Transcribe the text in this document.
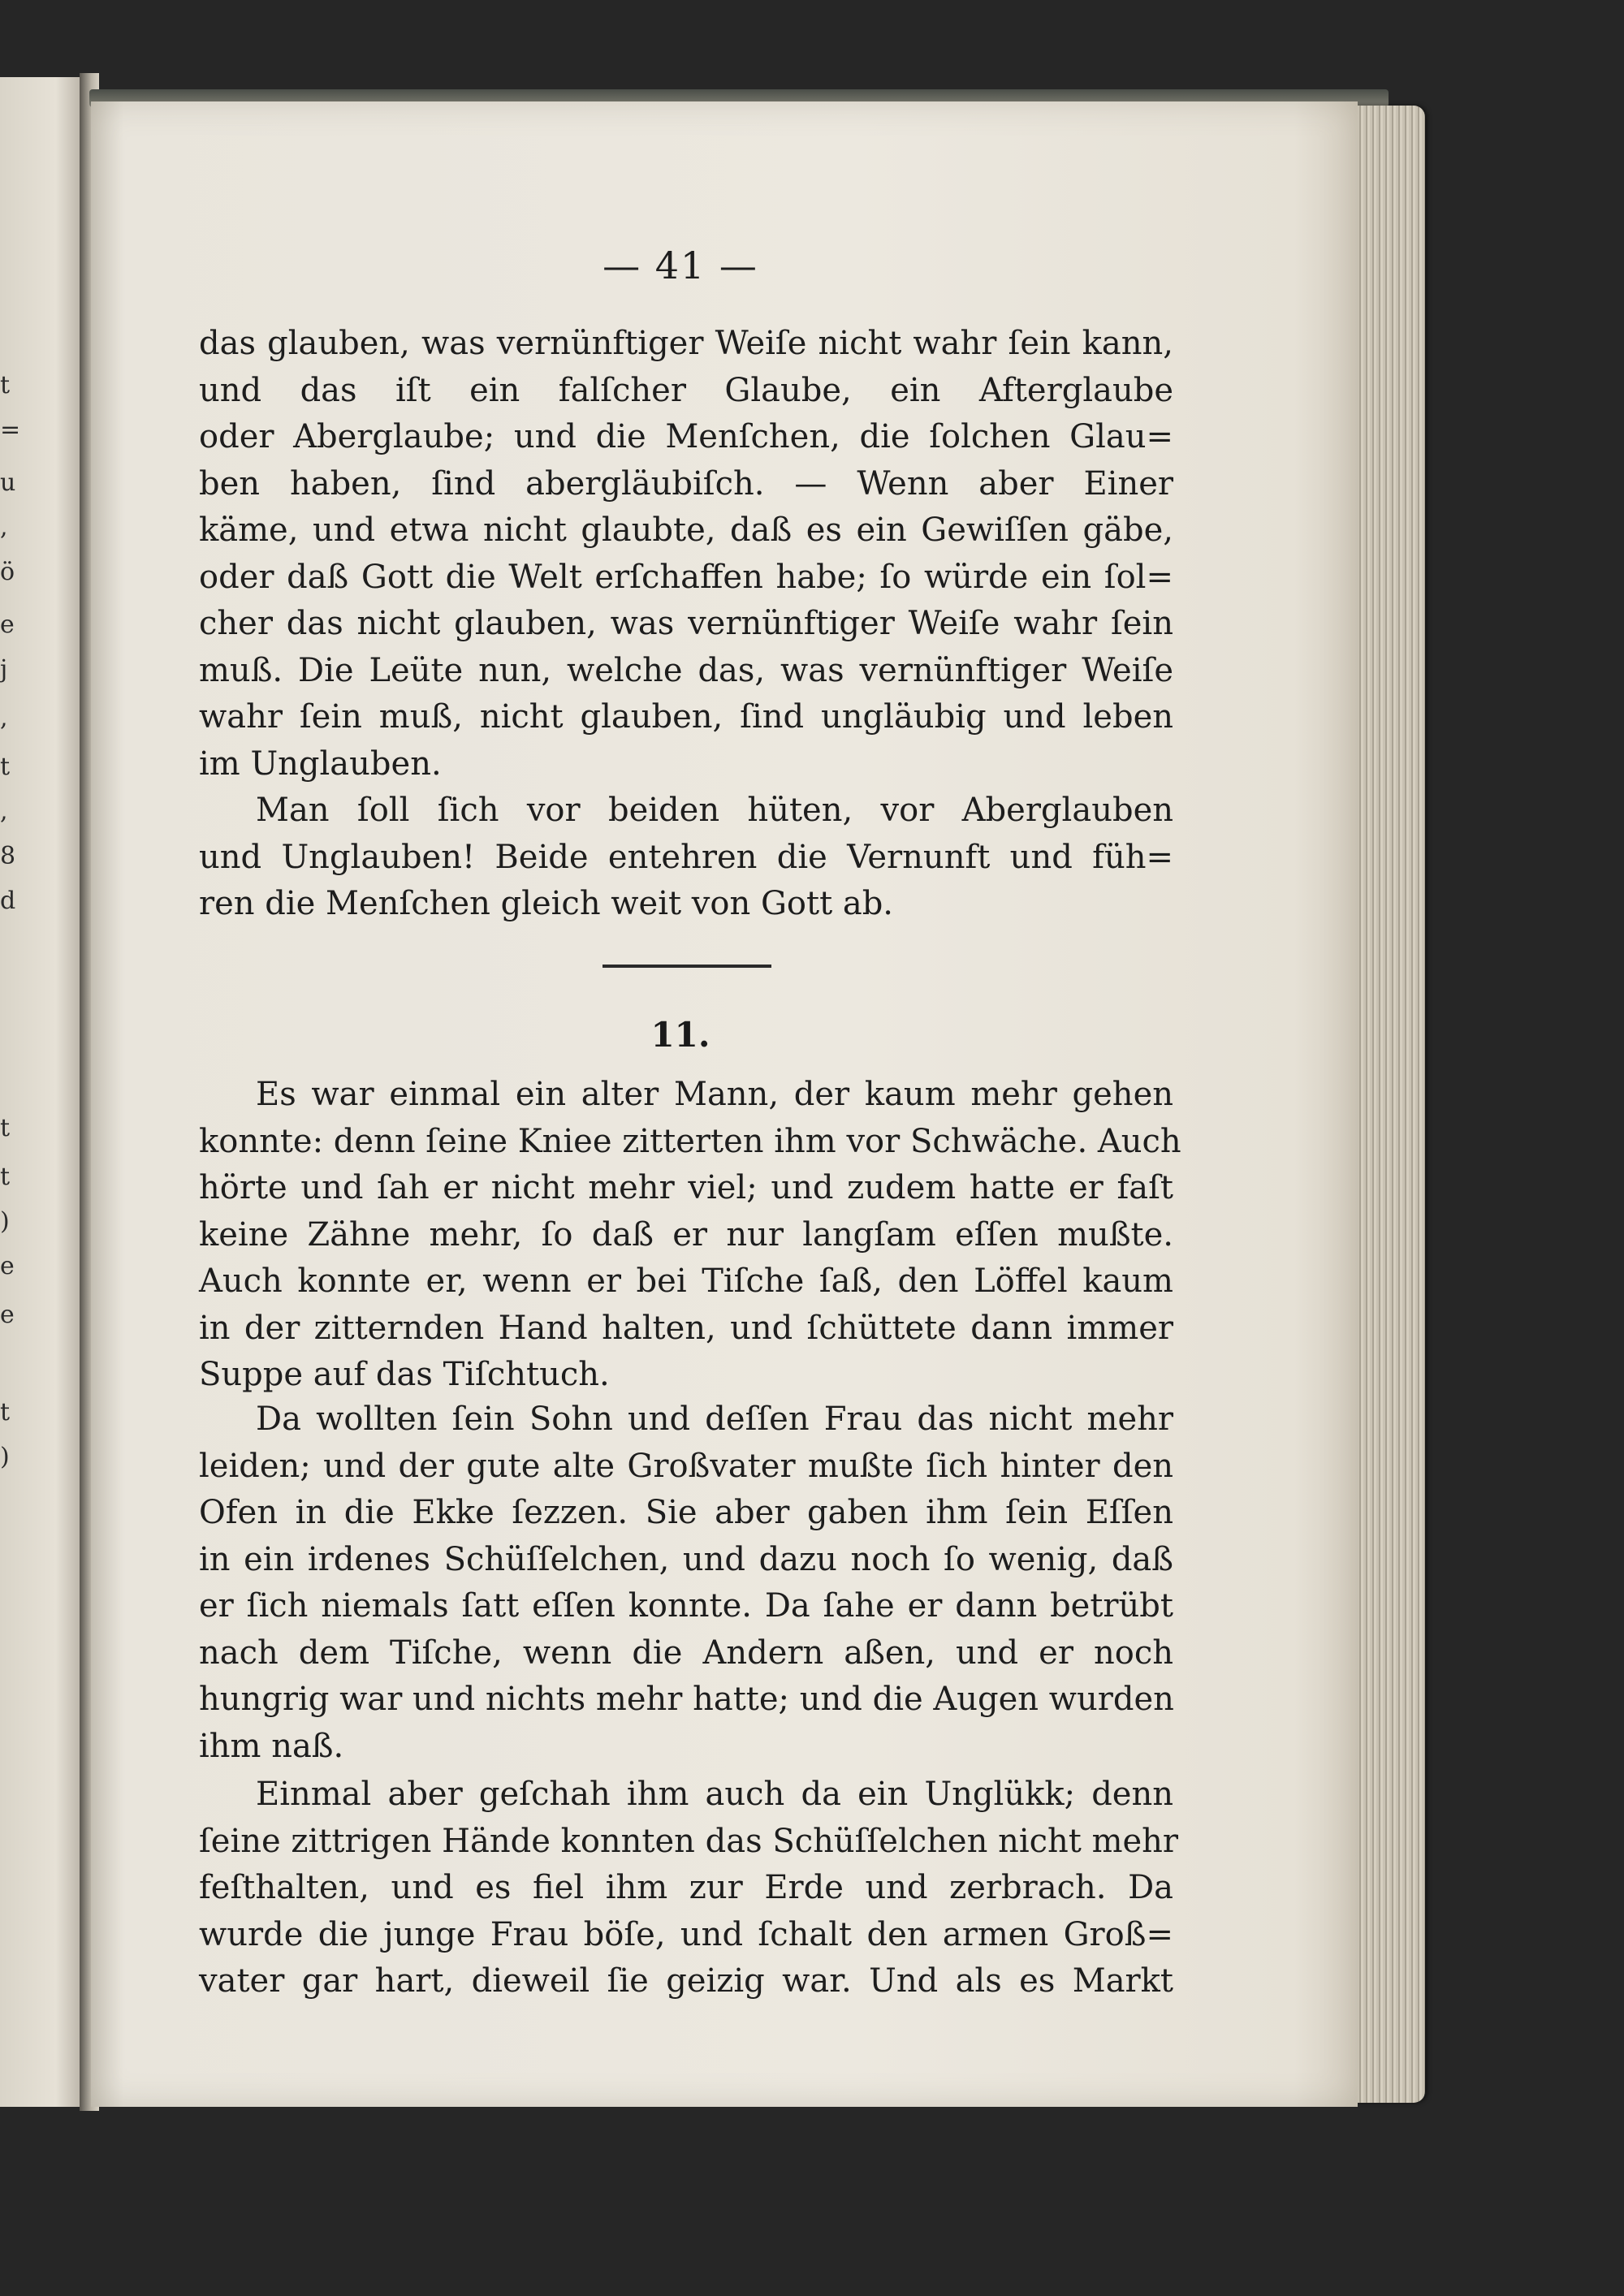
t
=
u
,
ö
e
j
,
t
,
8
d
t
t
)
e
e
t
)
— 41 —
das glauben, was vernünftiger Weiſe nicht wahr ſein kann,
und das iſt ein falſcher Glaube, ein Afterglaube
oder Aberglaube; und die Menſchen, die ſolchen Glau=
ben haben, ſind abergläubiſch. — Wenn aber Einer
käme, und etwa nicht glaubte, daß es ein Gewiſſen gäbe,
oder daß Gott die Welt erſchaffen habe; ſo würde ein ſol=
cher das nicht glauben, was vernünftiger Weiſe wahr ſein
muß. Die Leüte nun, welche das, was vernünftiger Weiſe
wahr ſein muß, nicht glauben, ſind ungläubig und leben
im Unglauben.
Man ſoll ſich vor beiden hüten, vor Aberglauben
und Unglauben! Beide entehren die Vernunft und füh=
ren die Menſchen gleich weit von Gott ab.
11.
Es war einmal ein alter Mann, der kaum mehr gehen
konnte: denn ſeine Kniee zitterten ihm vor Schwäche. Auch
hörte und ſah er nicht mehr viel; und zudem hatte er faſt
keine Zähne mehr, ſo daß er nur langſam eſſen mußte.
Auch konnte er, wenn er bei Tiſche ſaß, den Löffel kaum
in der zitternden Hand halten, und ſchüttete dann immer
Suppe auf das Tiſchtuch.
Da wollten ſein Sohn und deſſen Frau das nicht mehr
leiden; und der gute alte Großvater mußte ſich hinter den
Ofen in die Ekke ſezzen. Sie aber gaben ihm ſein Eſſen
in ein irdenes Schüſſelchen, und dazu noch ſo wenig, daß
er ſich niemals ſatt eſſen konnte. Da ſahe er dann betrübt
nach dem Tiſche, wenn die Andern aßen, und er noch
hungrig war und nichts mehr hatte; und die Augen wurden
ihm naß.
Einmal aber geſchah ihm auch da ein Unglükk; denn
ſeine zittrigen Hände konnten das Schüſſelchen nicht mehr
feſthalten, und es fiel ihm zur Erde und zerbrach. Da
wurde die junge Frau böſe, und ſchalt den armen Groß=
vater gar hart, dieweil ſie geizig war. Und als es Markt
